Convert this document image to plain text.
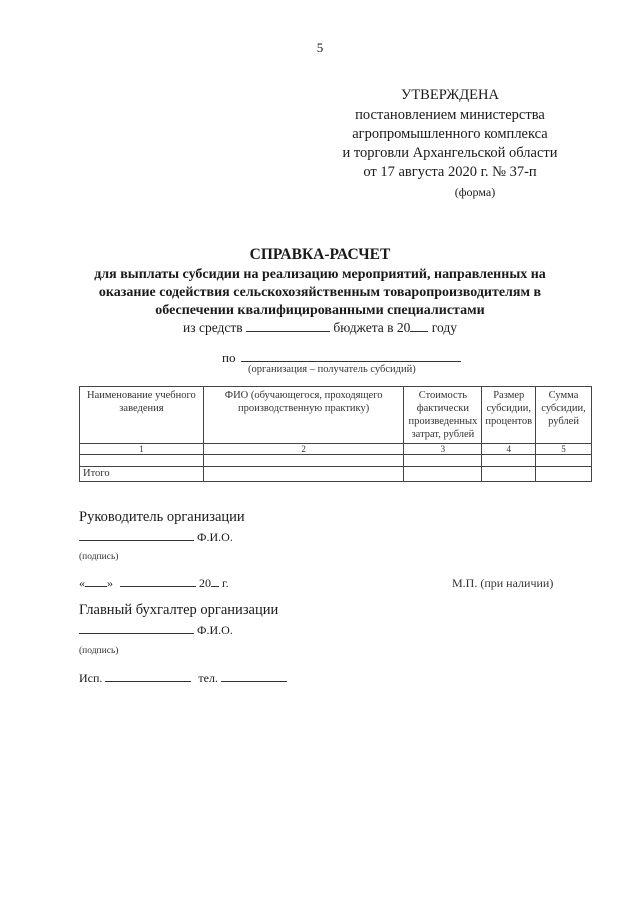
5
УТВЕРЖДЕНА
постановлением министерства
агропромышленного комплекса
и торговли Архангельской области
от 17 августа 2020 г. № 37-п
(форма)
СПРАВКА-РАСЧЕТ
для выплаты субсидии на реализацию мероприятий, направленных на
оказание содействия сельскохозяйственным товаропроизводителям в
обеспечении квалифицированными специалистами
из средств	бюджета в 20 году
по
(организация – получатель субсидий)
Наименование учебного заведения	ФИО (обучающегося, проходящего производственную практику)	Стоимость фактически произведенных затрат, рублей	Размер субсидии, процентов	Сумма субсидии, рублей
1	2	3	4	5

Итого				
Руководитель организации
Ф.И.О.
(подпись)
« »	20 г.	М.П. (при наличии)
Главный бухгалтер организации
Ф.И.О.
(подпись)
Исп.	тел.
